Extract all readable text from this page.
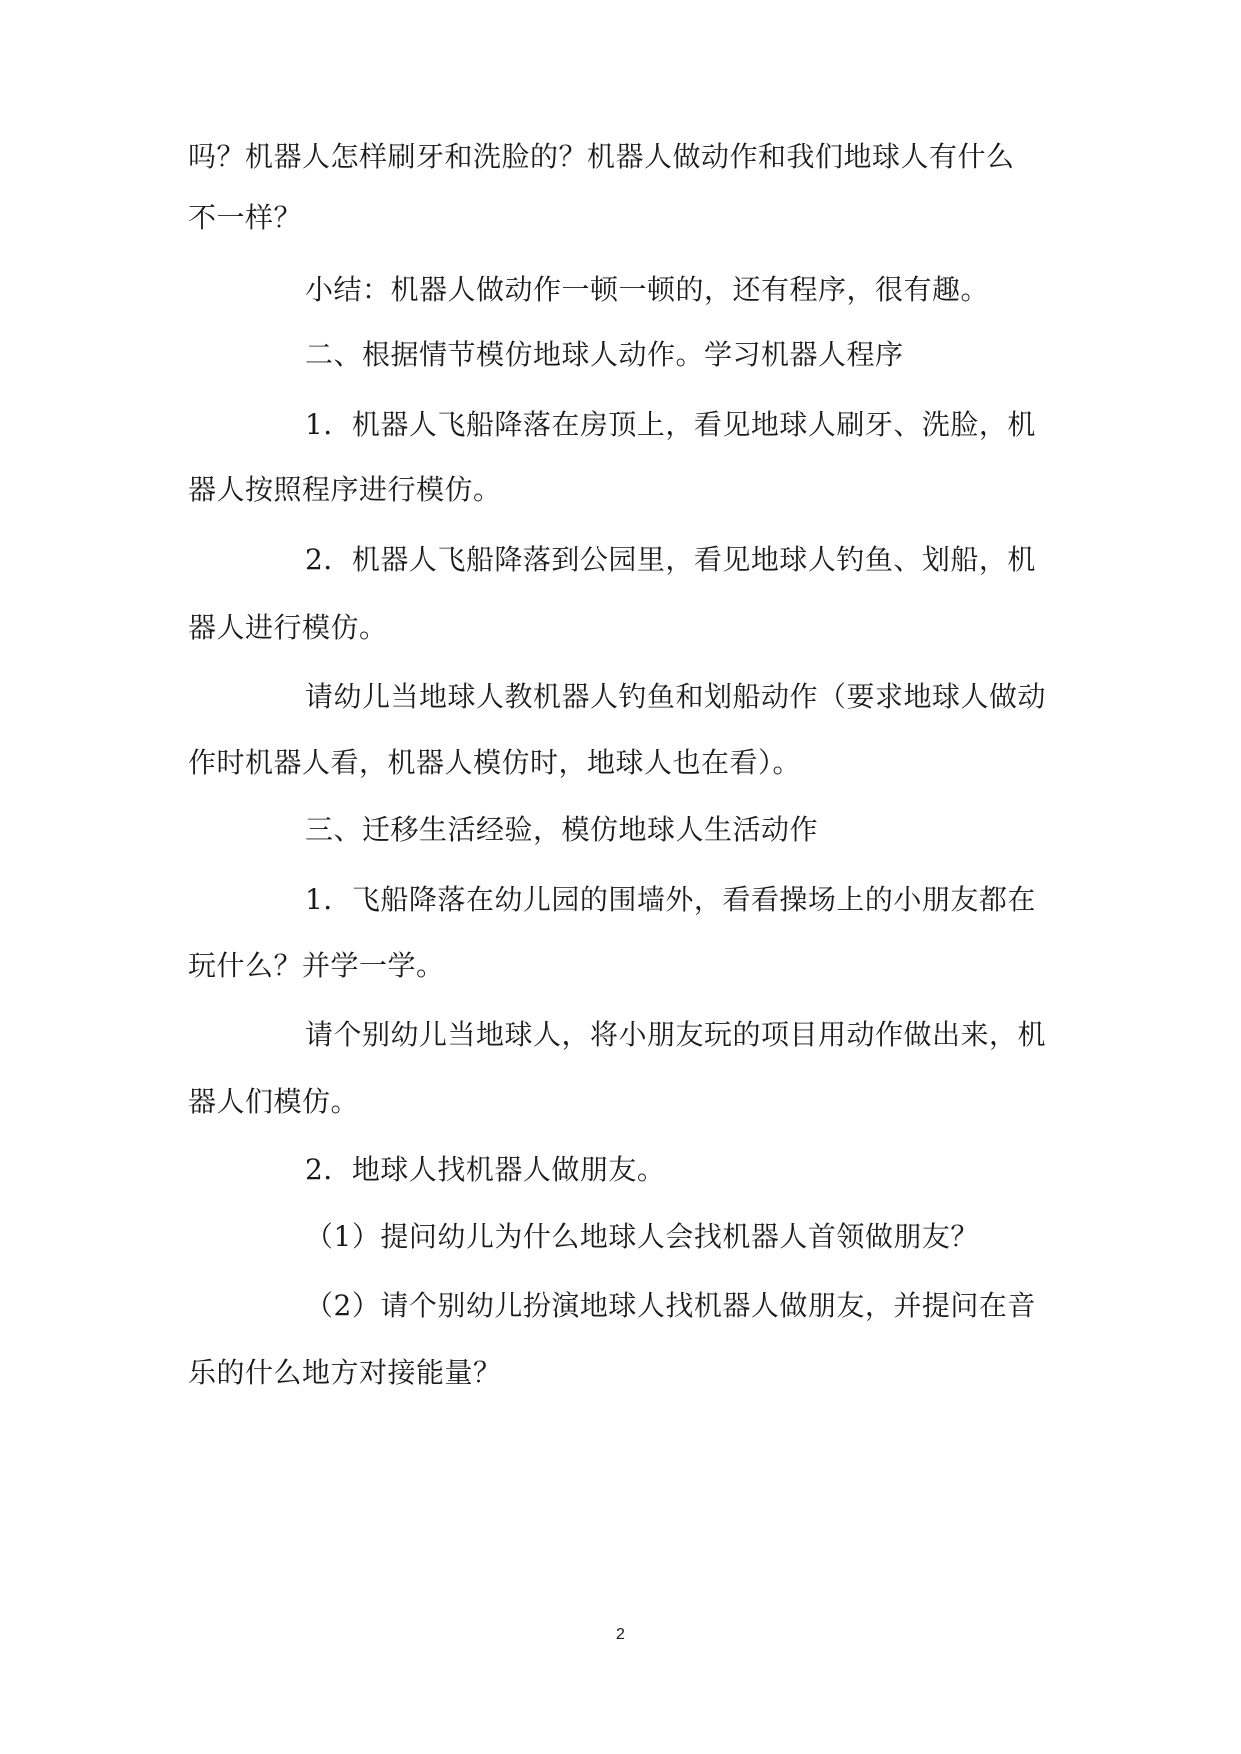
吗？机器人怎样刷牙和洗脸的？机器人做动作和我们地球人有什么
不一样？
小结：机器人做动作一顿一顿的，还有程序，很有趣。
二、根据情节模仿地球人动作。学习机器人程序
1．机器人飞船降落在房顶上，看见地球人刷牙、洗脸，机
器人按照程序进行模仿。
2．机器人飞船降落到公园里，看见地球人钓鱼、划船，机
器人进行模仿。
请幼儿当地球人教机器人钓鱼和划船动作（要求地球人做动
作时机器人看，机器人模仿时，地球人也在看）。
三、迁移生活经验，模仿地球人生活动作
1．飞船降落在幼儿园的围墙外，看看操场上的小朋友都在
玩什么？并学一学。
请个别幼儿当地球人，将小朋友玩的项目用动作做出来，机
器人们模仿。
2．地球人找机器人做朋友。
（1）提问幼儿为什么地球人会找机器人首领做朋友？
（2）请个别幼儿扮演地球人找机器人做朋友，并提问在音
乐的什么地方对接能量？
2
